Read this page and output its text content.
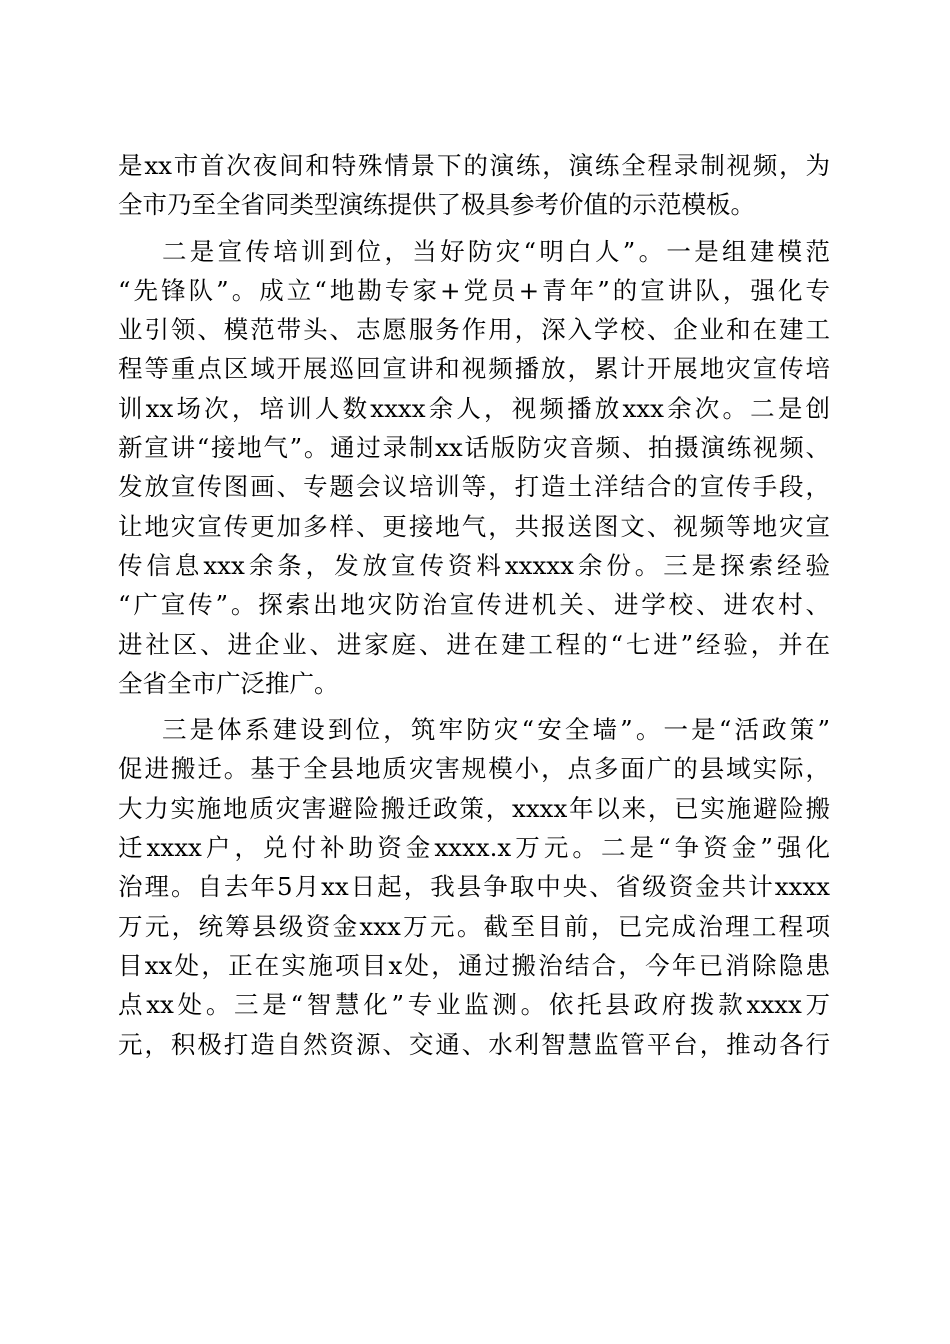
是xx市首次夜间和特殊情景下的演练，演练全程录制视频，为
全市乃至全省同类型演练提供了极具参考价值的示范模板。
二是宣传培训到位，当好防灾“明白人”。一是组建模范
“先锋队”。成立“地勘专家+党员+青年”的宣讲队，强化专
业引领、模范带头、志愿服务作用，深入学校、企业和在建工
程等重点区域开展巡回宣讲和视频播放，累计开展地灾宣传培
训xx场次，培训人数xxxx余人，视频播放xxx余次。二是创
新宣讲“接地气”。通过录制xx话版防灾音频、拍摄演练视频、
发放宣传图画、专题会议培训等，打造土洋结合的宣传手段，
让地灾宣传更加多样、更接地气，共报送图文、视频等地灾宣
传信息xxx余条，发放宣传资料xxxxx余份。三是探索经验
“广宣传”。探索出地灾防治宣传进机关、进学校、进农村、
进社区、进企业、进家庭、进在建工程的“七进”经验，并在
全省全市广泛推广。
三是体系建设到位，筑牢防灾“安全墙”。一是“活政策”
促进搬迁。基于全县地质灾害规模小，点多面广的县域实际，
大力实施地质灾害避险搬迁政策，xxxx年以来，已实施避险搬
迁xxxx户，兑付补助资金xxxx.x万元。二是“争资金”强化
治理。自去年5月xx日起，我县争取中央、省级资金共计xxxx
万元，统筹县级资金xxx万元。截至目前，已完成治理工程项
目xx处，正在实施项目x处，通过搬治结合，今年已消除隐患
点xx处。三是“智慧化”专业监测。依托县政府拨款xxxx万
元，积极打造自然资源、交通、水利智慧监管平台，推动各行
